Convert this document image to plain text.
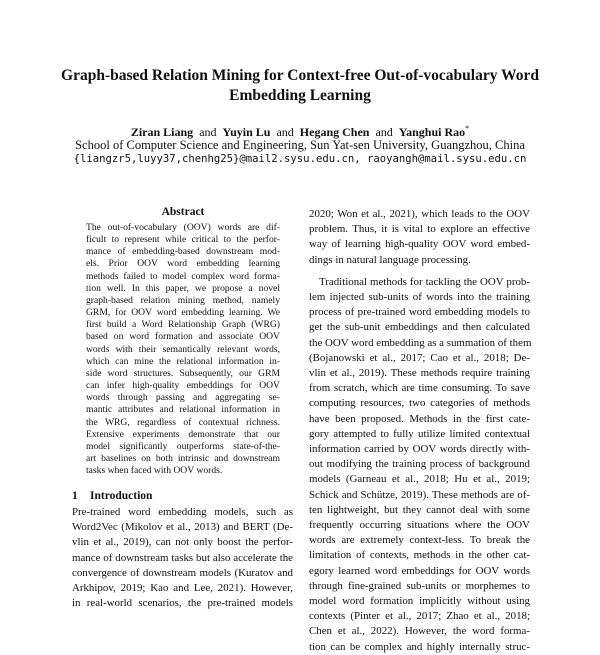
Graph-based Relation Mining for Context-free Out-of-vocabulary Word
Embedding Learning
Ziran Liang and Yuyin Lu and Hegang Chen and Yanghui Rao*
School of Computer Science and Engineering, Sun Yat-sen University, Guangzhou, China
{liangzr5,luyy37,chenhg25}@mail2.sysu.edu.cn, raoyangh@mail.sysu.edu.cn
Abstract
The out-of-vocabulary (OOV) words are dif-
ficult to represent while critical to the perfor-
mance of embedding-based downstream mod-
els. Prior OOV word embedding learning
methods failed to model complex word forma-
tion well. In this paper, we propose a novel
graph-based relation mining method, namely
GRM, for OOV word embedding learning. We
first build a Word Relationship Graph (WRG)
based on word formation and associate OOV
words with their semantically relevant words,
which can mine the relational information in-
side word structures. Subsequently, our GRM
can infer high-quality embeddings for OOV
words through passing and aggregating se-
mantic attributes and relational information in
the WRG, regardless of contextual richness.
Extensive experiments demonstrate that our
model significantly outperforms state-of-the-
art baselines on both intrinsic and downstream
tasks when faced with OOV words.
1 Introduction
Pre-trained word embedding models, such as
Word2Vec (Mikolov et al., 2013) and BERT (De-
vlin et al., 2019), can not only boost the perfor-
mance of downstream tasks but also accelerate the
convergence of downstream models (Kuratov and
Arkhipov, 2019; Kao and Lee, 2021). However,
in real-world scenarios, the pre-trained models
2020; Won et al., 2021), which leads to the OOV
problem. Thus, it is vital to explore an effective
way of learning high-quality OOV word embed-
dings in natural language processing.
Traditional methods for tackling the OOV prob-
lem injected sub-units of words into the training
process of pre-trained word embedding models to
get the sub-unit embeddings and then calculated
the OOV word embedding as a summation of them
(Bojanowski et al., 2017; Cao et al., 2018; De-
vlin et al., 2019). These methods require training
from scratch, which are time consuming. To save
computing resources, two categories of methods
have been proposed. Methods in the first cate-
gory attempted to fully utilize limited contextual
information carried by OOV words directly with-
out modifying the training process of background
models (Garneau et al., 2018; Hu et al., 2019;
Schick and Schütze, 2019). These methods are of-
ten lightweight, but they cannot deal with some
frequently occurring situations where the OOV
words are extremely context-less. To break the
limitation of contexts, methods in the other cat-
egory learned word embeddings for OOV words
through fine-grained sub-units or morphemes to
model word formation implicitly without using
contexts (Pinter et al., 2017; Zhao et al., 2018;
Chen et al., 2022). However, the word forma-
tion can be complex and highly internally struc-
